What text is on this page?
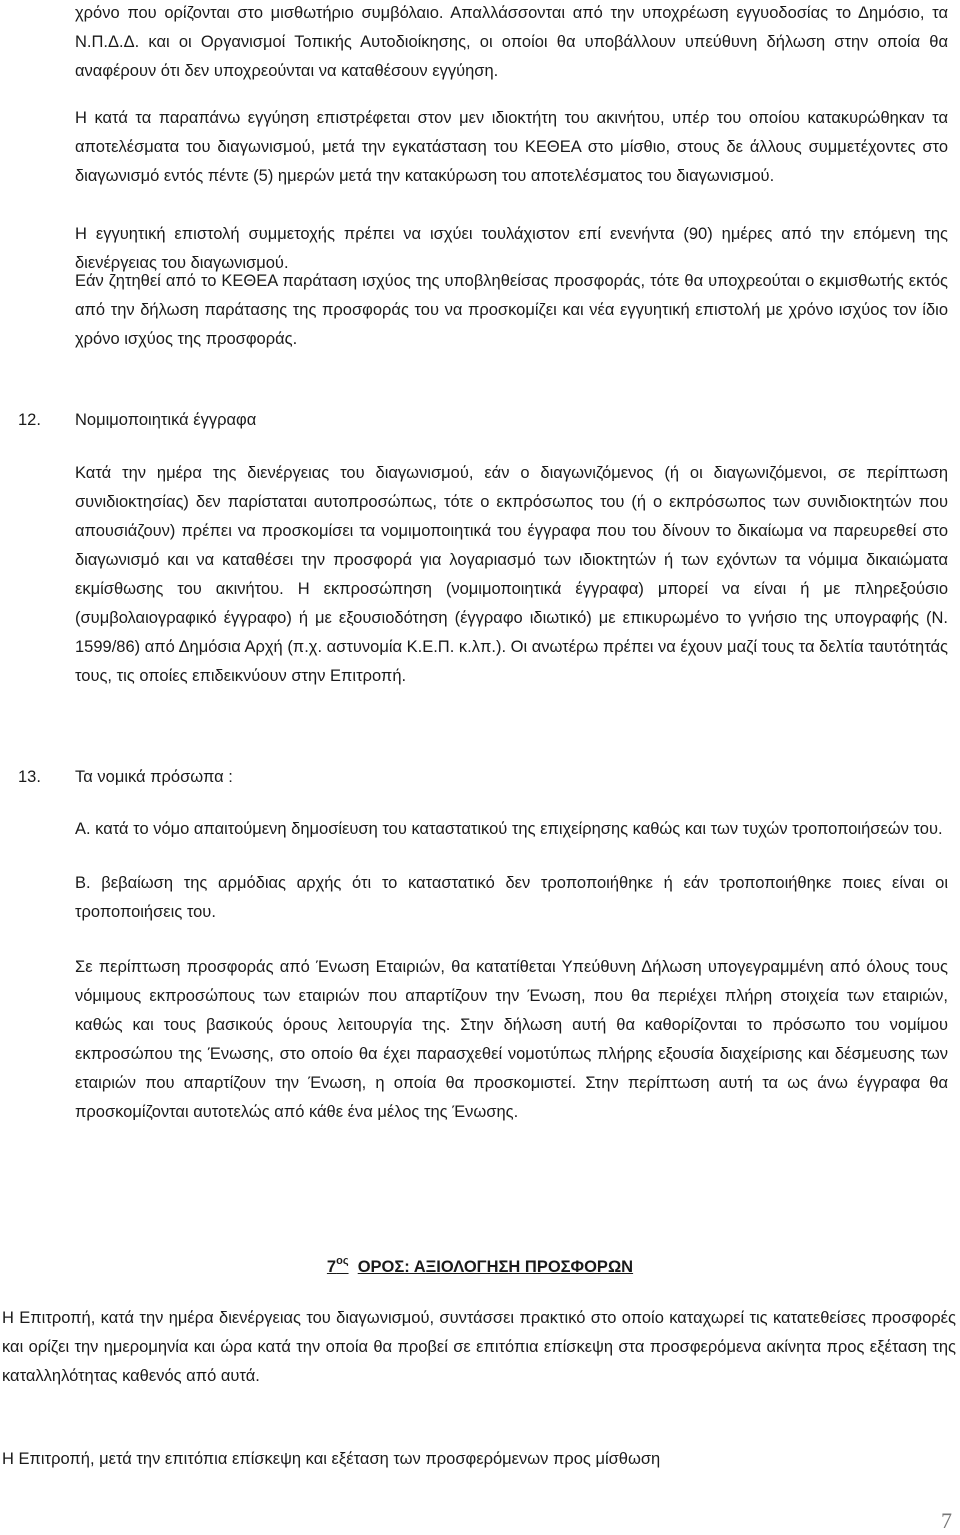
χρόνο που ορίζονται στο μισθωτήριο συμβόλαιο. Απαλλάσσονται από την υποχρέωση εγγυοδοσίας το Δημόσιο, τα Ν.Π.Δ.Δ. και οι Οργανισμοί Τοπικής Αυτοδιοίκησης, οι οποίοι θα υποβάλλουν υπεύθυνη δήλωση στην οποία θα αναφέρουν ότι δεν υποχρεούνται να καταθέσουν εγγύηση.

Η κατά τα παραπάνω εγγύηση επιστρέφεται στον μεν ιδιοκτήτη του ακινήτου, υπέρ του οποίου κατακυρώθηκαν τα αποτελέσματα του διαγωνισμού, μετά την εγκατάσταση του ΚΕΘΕΑ στο μίσθιο, στους δε άλλους συμμετέχοντες στο διαγωνισμό εντός πέντε (5) ημερών μετά την κατακύρωση του αποτελέσματος του διαγωνισμού.

Η εγγυητική επιστολή συμμετοχής πρέπει να ισχύει τουλάχιστον επί ενενήντα (90) ημέρες από την επόμενη της διενέργειας του διαγωνισμού.

Εάν ζητηθεί από το ΚΕΘΕΑ παράταση ισχύος της υποβληθείσας προσφοράς, τότε θα υποχρεούται ο εκμισθωτής εκτός από την δήλωση παράτασης της προσφοράς του να προσκομίζει και νέα εγγυητική επιστολή με χρόνο ισχύος τον ίδιο χρόνο ισχύος της προσφοράς.

12. Νομιμοποιητικά έγγραφα

Κατά την ημέρα της διενέργειας του διαγωνισμού, εάν ο διαγωνιζόμενος (ή οι διαγωνιζόμενοι, σε περίπτωση συνιδιοκτησίας) δεν παρίσταται αυτοπροσώπως, τότε ο εκπρόσωπος του (ή ο εκπρόσωπος των συνιδιοκτητών που απουσιάζουν) πρέπει να προσκομίσει τα νομιμοποιητικά του έγγραφα που του δίνουν το δικαίωμα να παρευρεθεί στο διαγωνισμό και να καταθέσει την προσφορά για λογαριασμό των ιδιοκτητών ή των εχόντων τα νόμιμα δικαιώματα εκμίσθωσης του ακινήτου. Η εκπροσώπηση (νομιμοποιητικά έγγραφα) μπορεί να είναι ή με πληρεξούσιο (συμβολαιογραφικό έγγραφο) ή με εξουσιοδότηση (έγγραφο ιδιωτικό) με επικυρωμένο το γνήσιο της υπογραφής (Ν. 1599/86) από Δημόσια Αρχή (π.χ. αστυνομία Κ.Ε.Π. κ.λπ.). Οι ανωτέρω πρέπει να έχουν μαζί τους τα δελτία ταυτότητάς τους, τις οποίες επιδεικνύουν στην Επιτροπή.

13. Τα νομικά πρόσωπα :

Α. κατά το νόμο απαιτούμενη δημοσίευση του καταστατικού της επιχείρησης καθώς και των τυχών τροποποιήσεών του.

Β. βεβαίωση της αρμόδιας αρχής ότι το καταστατικό δεν τροποποιήθηκε ή εάν τροποποιήθηκε ποιες είναι οι τροποποιήσεις του.

Σε περίπτωση προσφοράς από Ένωση Εταιριών, θα κατατίθεται Υπεύθυνη Δήλωση υπογεγραμμένη από όλους τους νόμιμους εκπροσώπους των εταιριών που απαρτίζουν την Ένωση, που θα περιέχει πλήρη στοιχεία των εταιριών, καθώς και τους βασικούς όρους λειτουργία της. Στην δήλωση αυτή θα καθορίζονται το πρόσωπο του νομίμου εκπροσώπου της Ένωσης, στο οποίο θα έχει παρασχεθεί νομοτύπως πλήρης εξουσία διαχείρισης και δέσμευσης των εταιριών που απαρτίζουν την Ένωση, η οποία θα προσκομιστεί. Στην περίπτωση αυτή τα ως άνω έγγραφα θα προσκομίζονται αυτοτελώς από κάθε ένα μέλος της Ένωσης.

$7^{o\varsigma}$ ΟΡΟΣ: ΑΞΙΟΛΟΓΗΣΗ ΠΡΟΣΦΟΡΩΝ

Η Επιτροπή, κατά την ημέρα διενέργειας του διαγωνισμού, συντάσσει πρακτικό στο οποίο καταχωρεί τις κατατεθείσες προσφορές και ορίζει την ημερομηνία και ώρα κατά την οποία θα προβεί σε επιτόπια επίσκεψη στα προσφερόμενα ακίνητα προς εξέταση της καταλληλότητας καθενός από αυτά.

Η Επιτροπή, μετά την επιτόπια επίσκεψη και εξέταση των προσφερόμενων προς μίσθωση

7
